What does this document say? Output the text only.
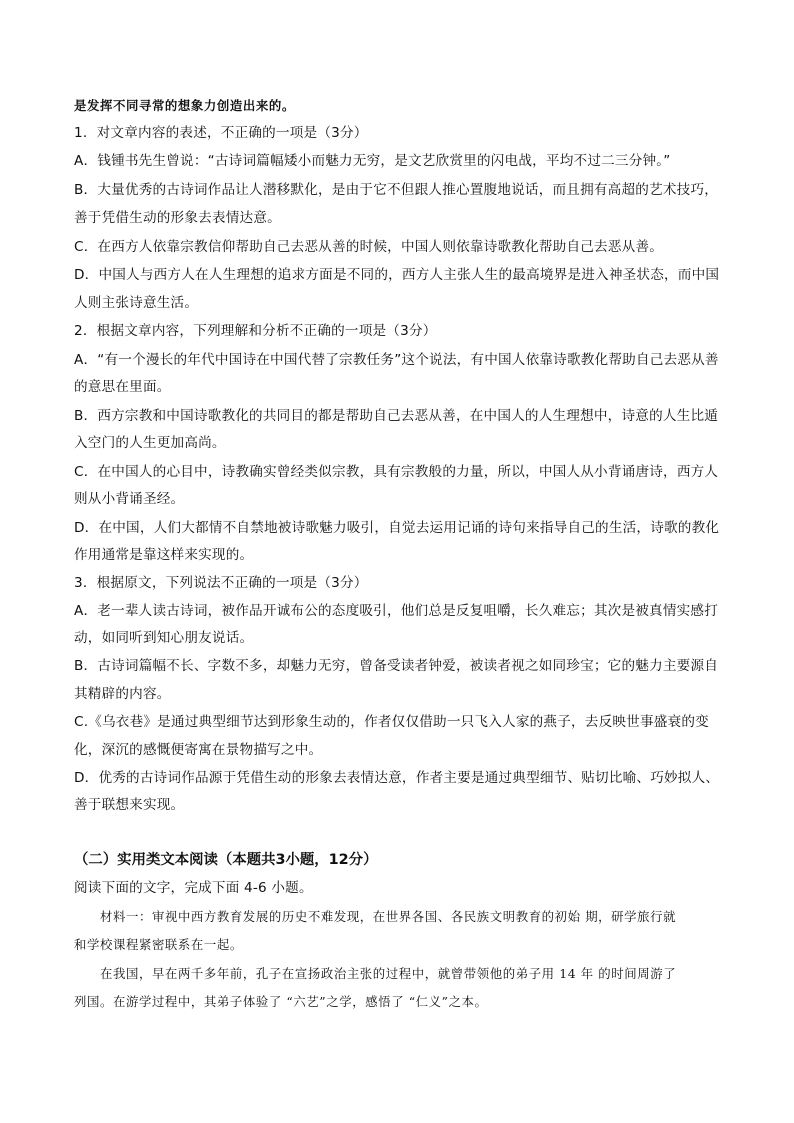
是发挥不同寻常的想象力创造出来的。
1．对文章内容的表述，不正确的一项是（3分）
A．钱锺书先生曾说：“古诗词篇幅矮小而魅力无穷，是文艺欣赏里的闪电战，平均不过二三分钟。”
B．大量优秀的古诗词作品让人潜移默化，是由于它不但跟人推心置腹地说话，而且拥有高超的艺术技巧，
善于凭借生动的形象去表情达意。
C．在西方人依靠宗教信仰帮助自己去恶从善的时候，中国人则依靠诗歌教化帮助自己去恶从善。
D．中国人与西方人在人生理想的追求方面是不同的，西方人主张人生的最高境界是进入神圣状态，而中国
人则主张诗意生活。
2．根据文章内容，下列理解和分析不正确的一项是（3分）
A．“有一个漫长的年代中国诗在中国代替了宗教任务”这个说法，有中国人依靠诗歌教化帮助自己去恶从善
的意思在里面。
B．西方宗教和中国诗歌教化的共同目的都是帮助自己去恶从善，在中国人的人生理想中，诗意的人生比遁
入空门的人生更加高尚。
C．在中国人的心目中，诗教确实曾经类似宗教，具有宗教般的力量，所以，中国人从小背诵唐诗，西方人
则从小背诵圣经。
D．在中国，人们大都情不自禁地被诗歌魅力吸引，自觉去运用记诵的诗句来指导自己的生活，诗歌的教化
作用通常是靠这样来实现的。
3．根据原文，下列说法不正确的一项是（3分）
A．老一辈人读古诗词，被作品开诚布公的态度吸引，他们总是反复咀嚼，长久难忘；其次是被真情实感打
动，如同听到知心朋友说话。
B．古诗词篇幅不长、字数不多，却魅力无穷，曾备受读者钟爱，被读者视之如同珍宝；它的魅力主要源自
其精辟的内容。
C.《乌衣巷》是通过典型细节达到形象生动的，作者仅仅借助一只飞入人家的燕子，去反映世事盛衰的变
化，深沉的感慨便寄寓在景物描写之中。
D．优秀的古诗词作品源于凭借生动的形象去表情达意，作者主要是通过典型细节、贴切比喻、巧妙拟人、
善于联想来实现。
（二）实用类文本阅读（本题共3小题，12分）
阅读下面的文字，完成下面 4-6 小题。
材料一：审视中西方教育发展的历史不难发现，在世界各国、各民族文明教育的初始 期，研学旅行就
和学校课程紧密联系在一起。
在我国，早在两千多年前，孔子在宣扬政治主张的过程中，就曾带领他的弟子用 14 年 的时间周游了
列国。在游学过程中，其弟子体验了 “六艺”之学，感悟了 “仁义”之本。
